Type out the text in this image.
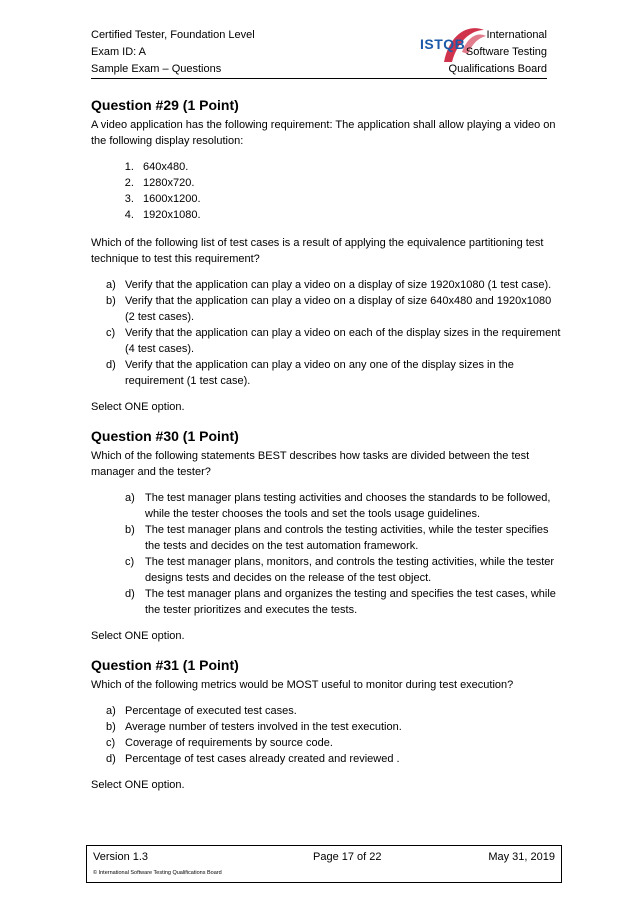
Certified Tester, Foundation Level
Exam ID: A
Sample Exam – Questions
ISTQB
International
Software Testing
Qualifications Board
Question #29 (1 Point)
A video application has the following requirement: The application shall allow playing a video on the following display resolution:
1. 640x480.
2. 1280x720.
3. 1600x1200.
4. 1920x1080.
Which of the following list of test cases is a result of applying the equivalence partitioning test technique to test this requirement?
a) Verify that the application can play a video on a display of size 1920x1080 (1 test case).
b) Verify that the application can play a video on a display of size 640x480 and 1920x1080 (2 test cases).
c) Verify that the application can play a video on each of the display sizes in the requirement (4 test cases).
d) Verify that the application can play a video on any one of the display sizes in the requirement (1 test case).
Select ONE option.
Question #30 (1 Point)
Which of the following statements BEST describes how tasks are divided between the test manager and the tester?
a) The test manager plans testing activities and chooses the standards to be followed, while the tester chooses the tools and set the tools usage guidelines.
b) The test manager plans and controls the testing activities, while the tester specifies the tests and decides on the test automation framework.
c) The test manager plans, monitors, and controls the testing activities, while the tester designs tests and decides on the release of the test object.
d) The test manager plans and organizes the testing and specifies the test cases, while the tester prioritizes and executes the tests.
Select ONE option.
Question #31 (1 Point)
Which of the following metrics would be MOST useful to monitor during test execution?
a) Percentage of executed test cases.
b) Average number of testers involved in the test execution.
c) Coverage of requirements by source code.
d) Percentage of test cases already created and reviewed .
Select ONE option.
Version 1.3	Page 17 of 22	May 31, 2019
© International Software Testing Qualifications Board
